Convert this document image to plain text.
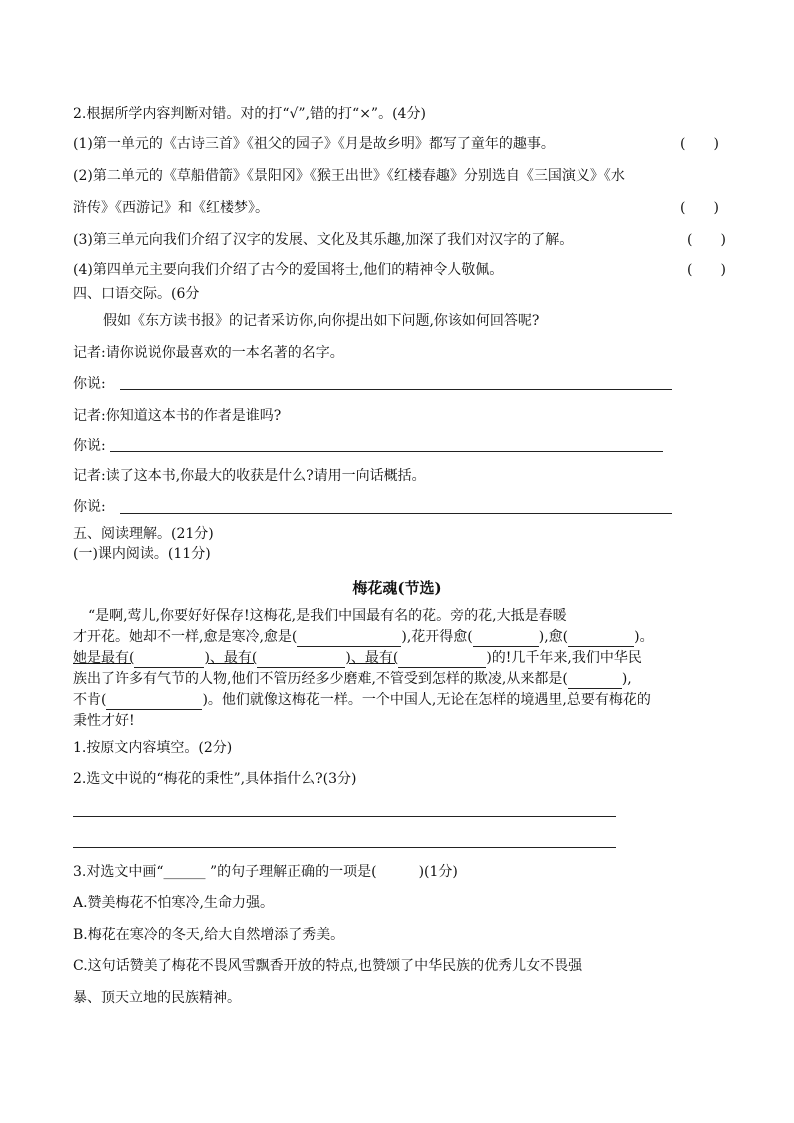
2.根据所学内容判断对错。对的打“√”,错的打“×”。(4分)
(1)第一单元的《古诗三首》《祖父的园子》《月是故乡明》都写了童年的趣事。	(　　)
(2)第二单元的《草船借箭》《景阳冈》《猴王出世》《红楼春趣》分别选自《三国演义》《水
浒传》《西游记》和《红楼梦》。	(　　)
(3)第三单元向我们介绍了汉字的发展、文化及其乐趣,加深了我们对汉字的了解。	(　　)
(4)第四单元主要向我们介绍了古今的爱国将士,他们的精神令人敬佩。	(　　)
四、口语交际。(6分
假如《东方读书报》的记者采访你,向你提出如下问题,你该如何回答呢?
记者:请你说说你最喜欢的一本名著的名字。
你说:
记者:你知道这本书的作者是谁吗?
你说:
记者:读了这本书,你最大的收获是什么?请用一向话概括。
你说:
五、阅读理解。(21分)
(一)课内阅读。(11分)
梅花魂(节选)
“是啊,莺儿,你要好好保存!这梅花,是我们中国最有名的花。旁的花,大抵是春暖
才开花。她却不一样,愈是寒冷,愈是(	),花开得愈(	),愈(	)。
她是最有(	)、最有(	)、最有(	)的!几千年来,我们中华民
族出了许多有气节的人物,他们不管历经多少磨难,不管受到怎样的欺凌,从来都是(	),
不肯(	)。他们就像这梅花一样。一个中国人,无论在怎样的境遇里,总要有梅花的
秉性才好!
1.按原文内容填空。(2分)
2.选文中说的“梅花的秉性”,具体指什么?(3分)
3.对选文中画“______ ”的句子理解正确的一项是(　　　)(1分)
A.赞美梅花不怕寒冷,生命力强。
B.梅花在寒冷的冬天,给大自然增添了秀美。
C.这句话赞美了梅花不畏风雪飘香开放的特点,也赞颂了中华民族的优秀儿女不畏强
暴、顶天立地的民族精神。
